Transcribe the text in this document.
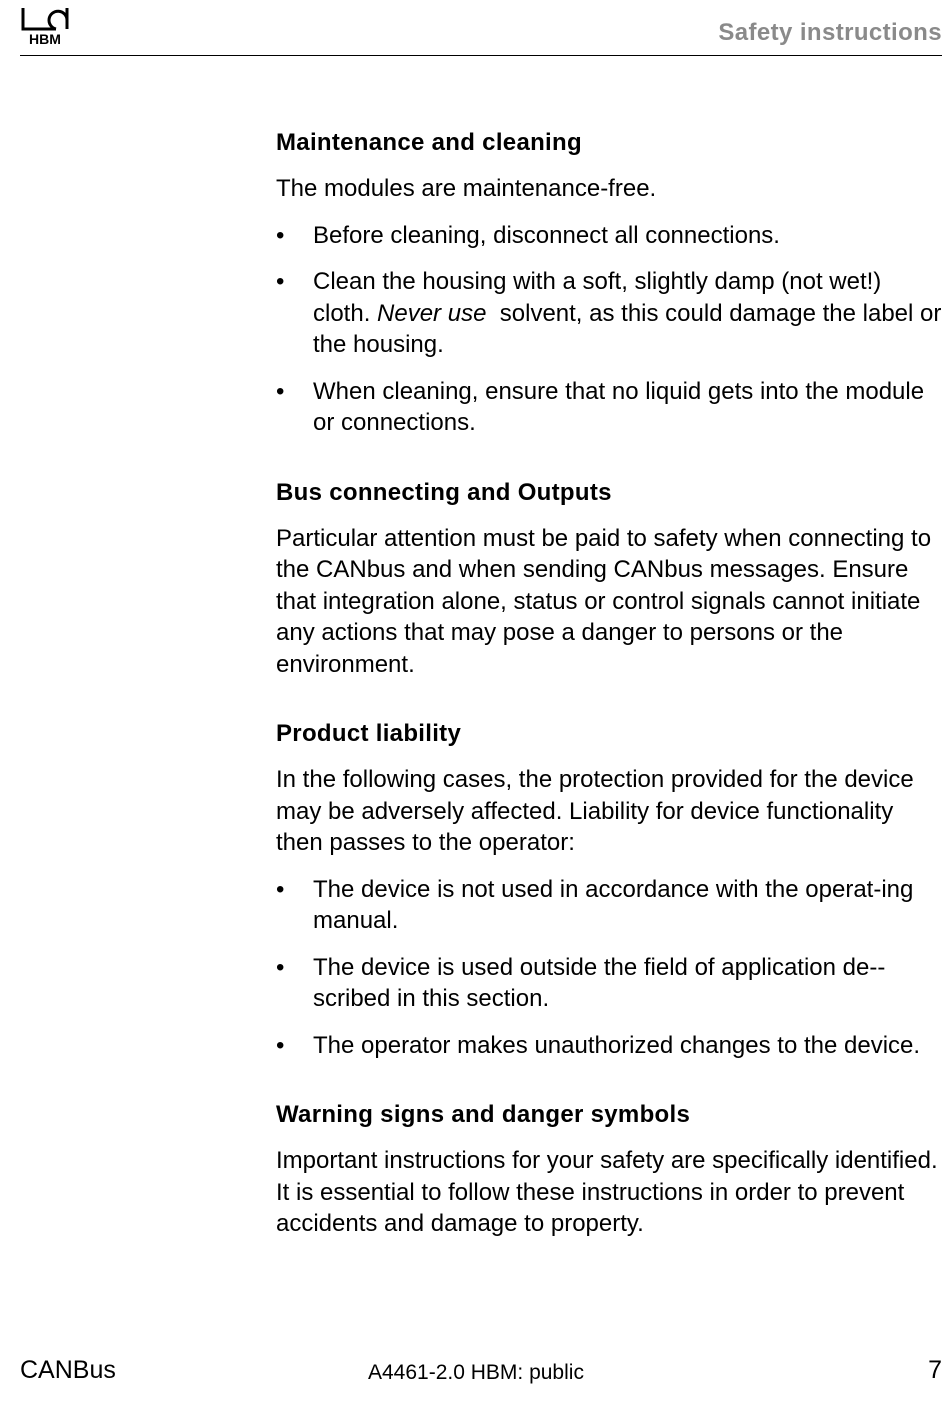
HBM	Safety instructions
Maintenance and cleaning

The modules are maintenance-free.

• Before cleaning, disconnect all connections.
• Clean the housing with a soft, slightly damp (not wet!) cloth. Never use  solvent, as this could damage the label or the housing.
• When cleaning, ensure that no liquid gets into the module or connections.
Bus connecting and Outputs

Particular attention must be paid to safety when connecting to the CANbus and when sending CANbus messages. Ensure that integration alone, status or control signals cannot initiate any actions that may pose a danger to persons or the environment.

Product liability

In the following cases, the protection provided for the device may be adversely affected. Liability for device functionality then passes to the operator:

• The device is not used in accordance with the operat-ing manual.
• The device is used outside the field of application de-scribed in this section.
• The operator makes unauthorized changes to the device.
Warning signs and danger symbols

Important instructions for your safety are specifically identified. It is essential to follow these instructions in order to prevent accidents and damage to property.

CANBus	A4461-2.0 HBM: public	7
